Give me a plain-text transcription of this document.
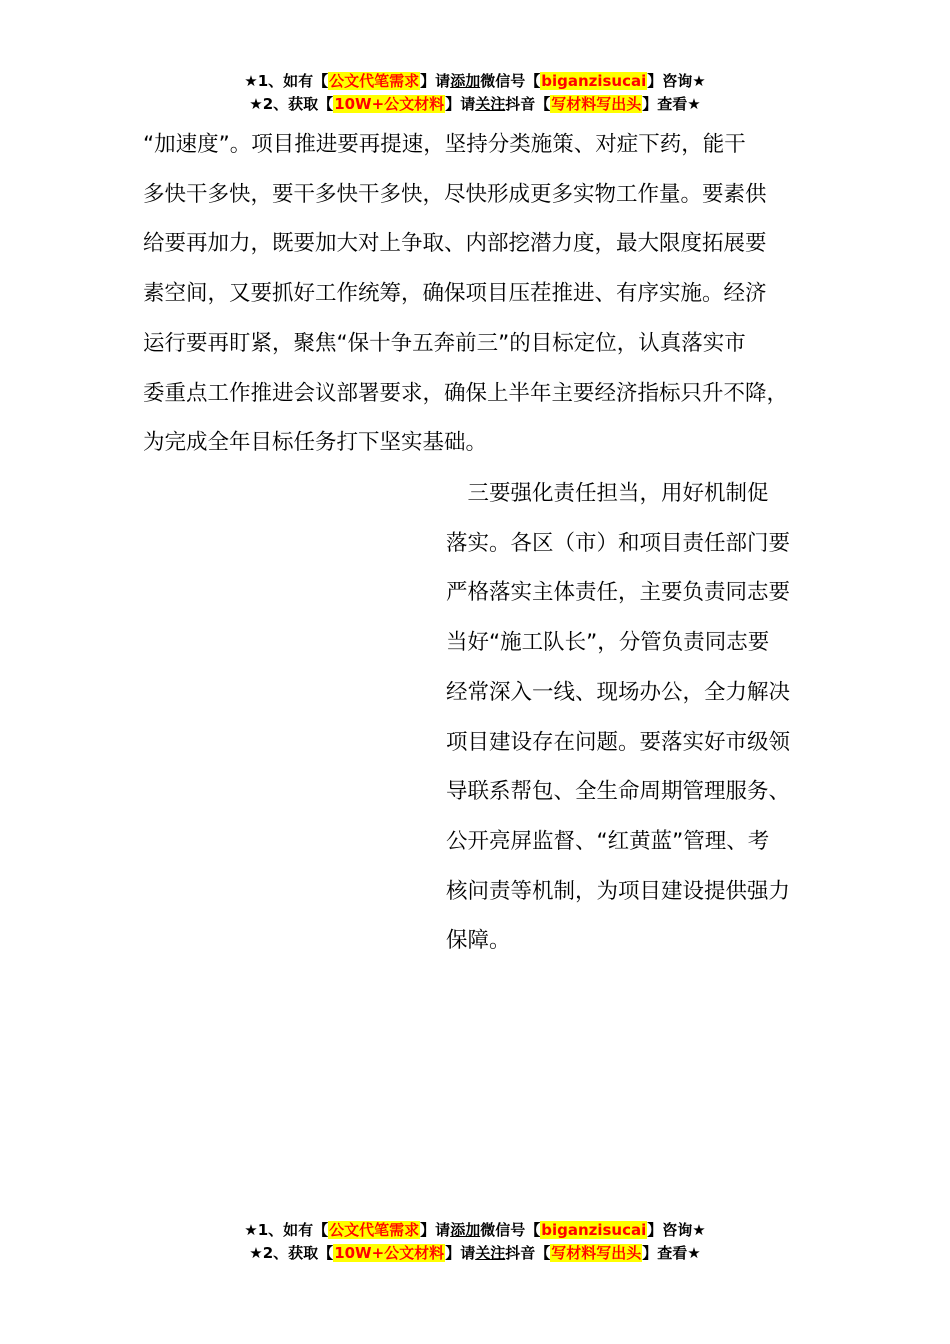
★1、如有【公文代笔需求】请添加微信号【biganzisucai】咨询★
★2、获取【10W+公文材料】请关注抖音【写材料写出头】查看★

“加速度”。项目推进要再提速，坚持分类施策、对症下药，能干

多快干多快，要干多快干多快，尽快形成更多实物工作量。要素供

给要再加力，既要加大对上争取、内部挖潜力度，最大限度拓展要

素空间，又要抓好工作统筹，确保项目压茬推进、有序实施。经济

运行要再盯紧，聚焦“保十争五奔前三”的目标定位，认真落实市

委重点工作推进会议部署要求，确保上半年主要经济指标只升不降，

为完成全年目标任务打下坚实基础。

　三要强化责任担当，用好机制促

落实。各区（市）和项目责任部门要

严格落实主体责任，主要负责同志要

当好“施工队长”，分管负责同志要

经常深入一线、现场办公，全力解决

项目建设存在问题。要落实好市级领

导联系帮包、全生命周期管理服务、

公开亮屏监督、“红黄蓝”管理、考

核问责等机制，为项目建设提供强力

保障。

★1、如有【公文代笔需求】请添加微信号【biganzisucai】咨询★
★2、获取【10W+公文材料】请关注抖音【写材料写出头】查看★
